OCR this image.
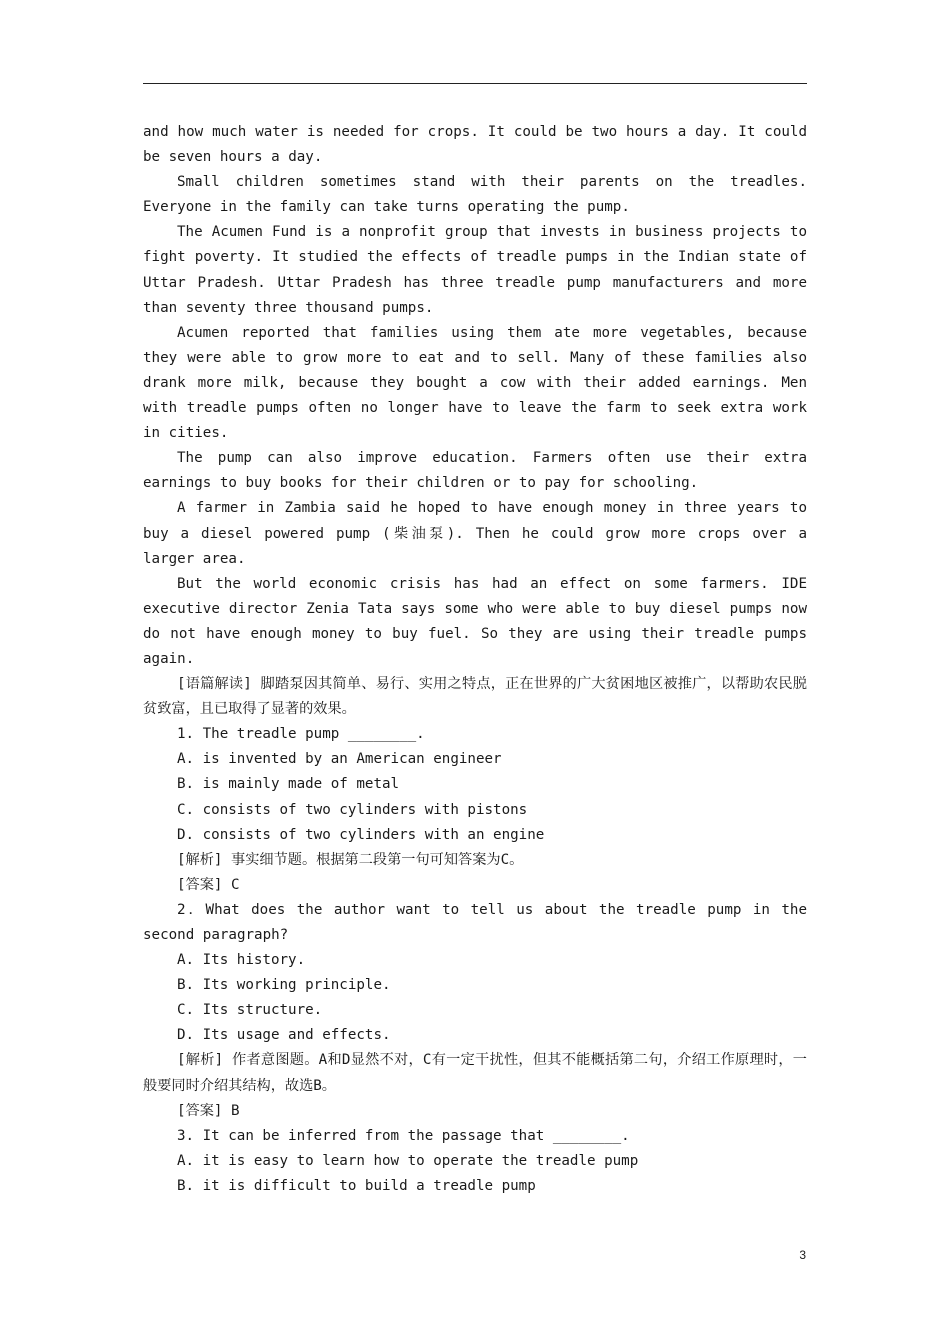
and how much water is needed for crops. It could be two hours a day. It could be seven hours a day.

Small children sometimes stand with their parents on the treadles. Everyone in the family can take turns operating the pump.

The Acumen Fund is a nonprofit group that invests in business projects to fight poverty. It studied the effects of treadle pumps in the Indian state of Uttar Pradesh. Uttar Pradesh has three treadle pump manufacturers and more than seventy three thousand pumps.

Acumen reported that families using them ate more vegetables, because they were able to grow more to eat and to sell. Many of these families also drank more milk, because they bought a cow with their added earnings. Men with treadle pumps often no longer have to leave the farm to seek extra work in cities.

The pump can also improve education. Farmers often use their extra earnings to buy books for their children or to pay for schooling.

A farmer in Zambia said he hoped to have enough money in three years to buy a diesel powered pump (柴油泵). Then he could grow more crops over a larger area.

But the world economic crisis has had an effect on some farmers. IDE executive director Zenia Tata says some who were able to buy diesel pumps now do not have enough money to buy fuel. So they are using their treadle pumps again.

[语篇解读] 脚踏泵因其简单、易行、实用之特点，正在世界的广大贫困地区被推广，以帮助农民脱贫致富，且已取得了显著的效果。

1. The treadle pump ________.

A. is invented by an American engineer

B. is mainly made of metal

C. consists of two cylinders with pistons

D. consists of two cylinders with an engine

[解析] 事实细节题。根据第二段第一句可知答案为C。

[答案] C

2．What does the author want to tell us about the treadle pump in the second paragraph?

A. Its history.

B. Its working principle.

C. Its structure.

D. Its usage and effects.

[解析] 作者意图题。A和D显然不对，C有一定干扰性，但其不能概括第二句，介绍工作原理时，一般要同时介绍其结构，故选B。

[答案] B

3. It can be inferred from the passage that ________.

A. it is easy to learn how to operate the treadle pump

B. it is difficult to build a treadle pump

3
